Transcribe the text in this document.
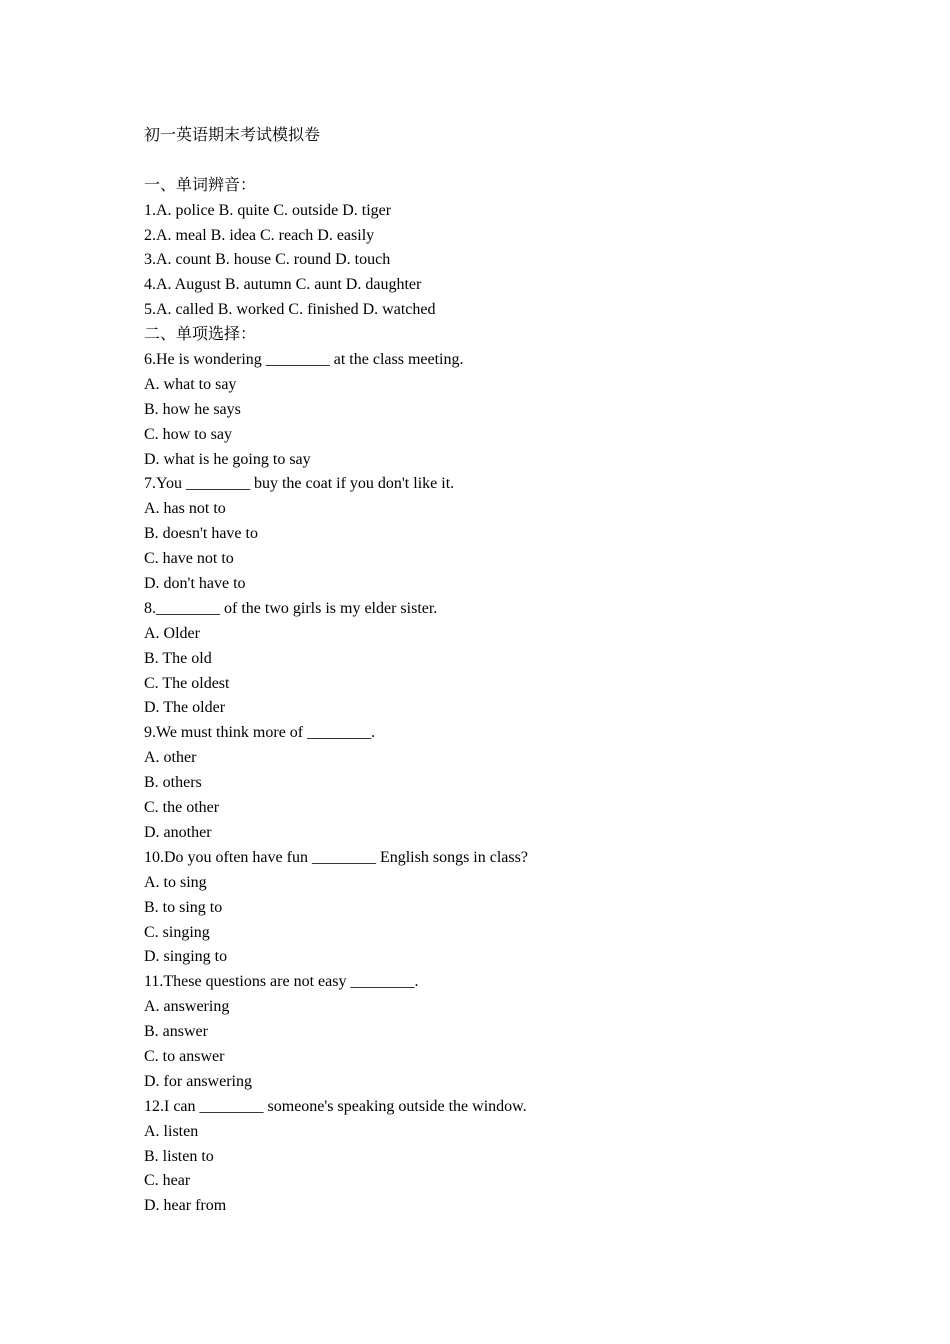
初一英语期末考试模拟卷
一、单词辨音：
1.A. police B. quite C. outside D. tiger
2.A. meal B. idea C. reach D. easily
3.A. count B. house C. round D. touch
4.A. August B. autumn C. aunt D. daughter
5.A. called B. worked C. finished D. watched
二、单项选择：
6.He is wondering ________ at the class meeting.
A. what to say
B. how he says
C. how to say
D. what is he going to say
7.You ________ buy the coat if you don't like it.
A. has not to
B. doesn't have to
C. have not to
D. don't have to
8.________ of the two girls is my elder sister.
A. Older
B. The old
C. The oldest
D. The older
9.We must think more of ________.
A. other
B. others
C. the other
D. another
10.Do you often have fun ________ English songs in class?
A. to sing
B. to sing to
C. singing
D. singing to
11.These questions are not easy ________.
A. answering
B. answer
C. to answer
D. for answering
12.I can ________ someone's speaking outside the window.
A. listen
B. listen to
C. hear
D. hear from
